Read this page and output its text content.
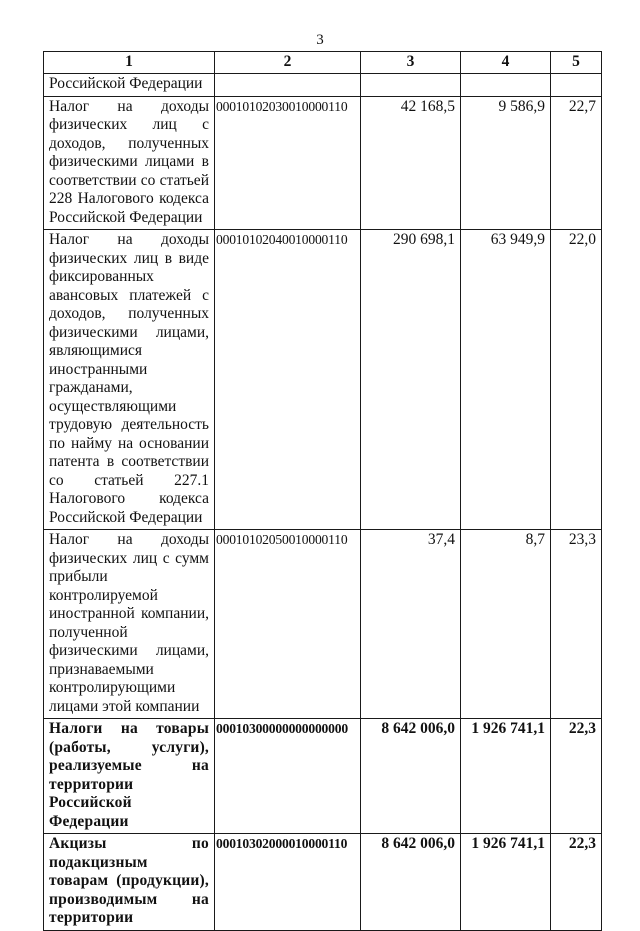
3
1	2	3	4	5
Российской Федерации				
Налог на доходы физических лиц с доходов, полученных физическими лицами в соответствии со статьей 228 Налогового кодекса Российской Федерации	00010102030010000110	42 168,5	9 586,9	22,7
Налог на доходы физических лиц в виде фиксированных авансовых платежей с доходов, полученных физическими лицами, являющимися иностранными гражданами, осуществляющими трудовую деятельность по найму на основании патента в соответствии со статьей 227.1 Налогового кодекса Российской Федерации	00010102040010000110	290 698,1	63 949,9	22,0
Налог на доходы физических лиц с сумм прибыли контролируемой иностранной компании, полученной физическими лицами, признаваемыми контролирующими лицами этой компании	00010102050010000110	37,4	8,7	23,3
Налоги на товары (работы, услуги), реализуемые на территории Российской Федерации	00010300000000000000	8 642 006,0	1 926 741,1	22,3
Акцизы по подакцизным товарам (продукции), производимым на территории	00010302000010000110	8 642 006,0	1 926 741,1	22,3
